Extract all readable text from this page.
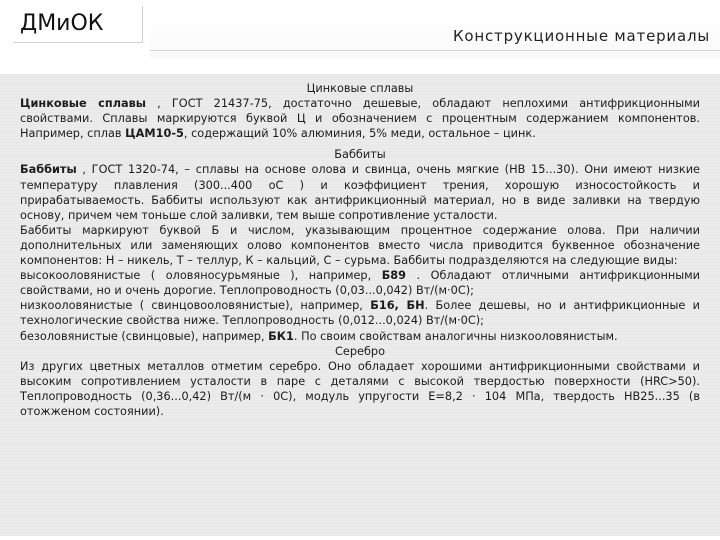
Конструкционные материалы
ДМиОК
Цинковые сплавы

Цинковые сплавы , ГОСТ 21437-75, достаточно дешевые, обладают неплохими антифрикционными свойствами. Сплавы маркируются буквой Ц и обозначением с процентным содержанием компонентов. Например, сплав ЦАМ10-5, содержащий 10% алюминия, 5% меди, остальное – цинк.

Баббиты

Баббиты , ГОСТ 1320-74, – сплавы на основе олова и свинца, очень мягкие (НВ 15...30). Они имеют низкие температуру плавления (300...400 оС ) и коэффициент трения, хорошую износостойкость и прирабатываемость. Баббиты используют как антифрикционный материал, но в виде заливки на твердую основу, причем чем тоньше слой заливки, тем выше сопротивление усталости.

Баббиты маркируют буквой Б и числом, указывающим процентное содержание олова. При наличии дополнительных или заменяющих олово компонентов вместо числа приводится буквенное обозначение компонентов: Н – никель, Т – теллур, К – кальций, С – сурьма. Баббиты подразделяются на следующие виды:

высокооловянистые ( оловяносурьмяные ), например, Б89 . Обладают отличными антифрикционными свойствами, но и очень дорогие. Теплопроводность (0,03...0,042) Вт/(м·0С);

низкооловянистые ( свинцовооловянистые), например, Б16, БН. Более дешевы, но и антифрикционные и технологические свойства ниже. Теплопроводность (0,012...0,024) Вт/(м·0С);

безоловянистые (свинцовые), например, БК1. По своим свойствам аналогичны низкооловянистым.

Серебро

Из других цветных металлов отметим серебро. Оно обладает хорошими антифрикционными свойствами и высоким сопротивлением усталости в паре с деталями с высокой твердостью поверхности (HRC>50). Теплопроводность (0,36...0,42) Вт/(м · 0С), модуль упругости Е=8,2 · 104 МПа, твердость НВ25...35 (в отожженом состоянии).
